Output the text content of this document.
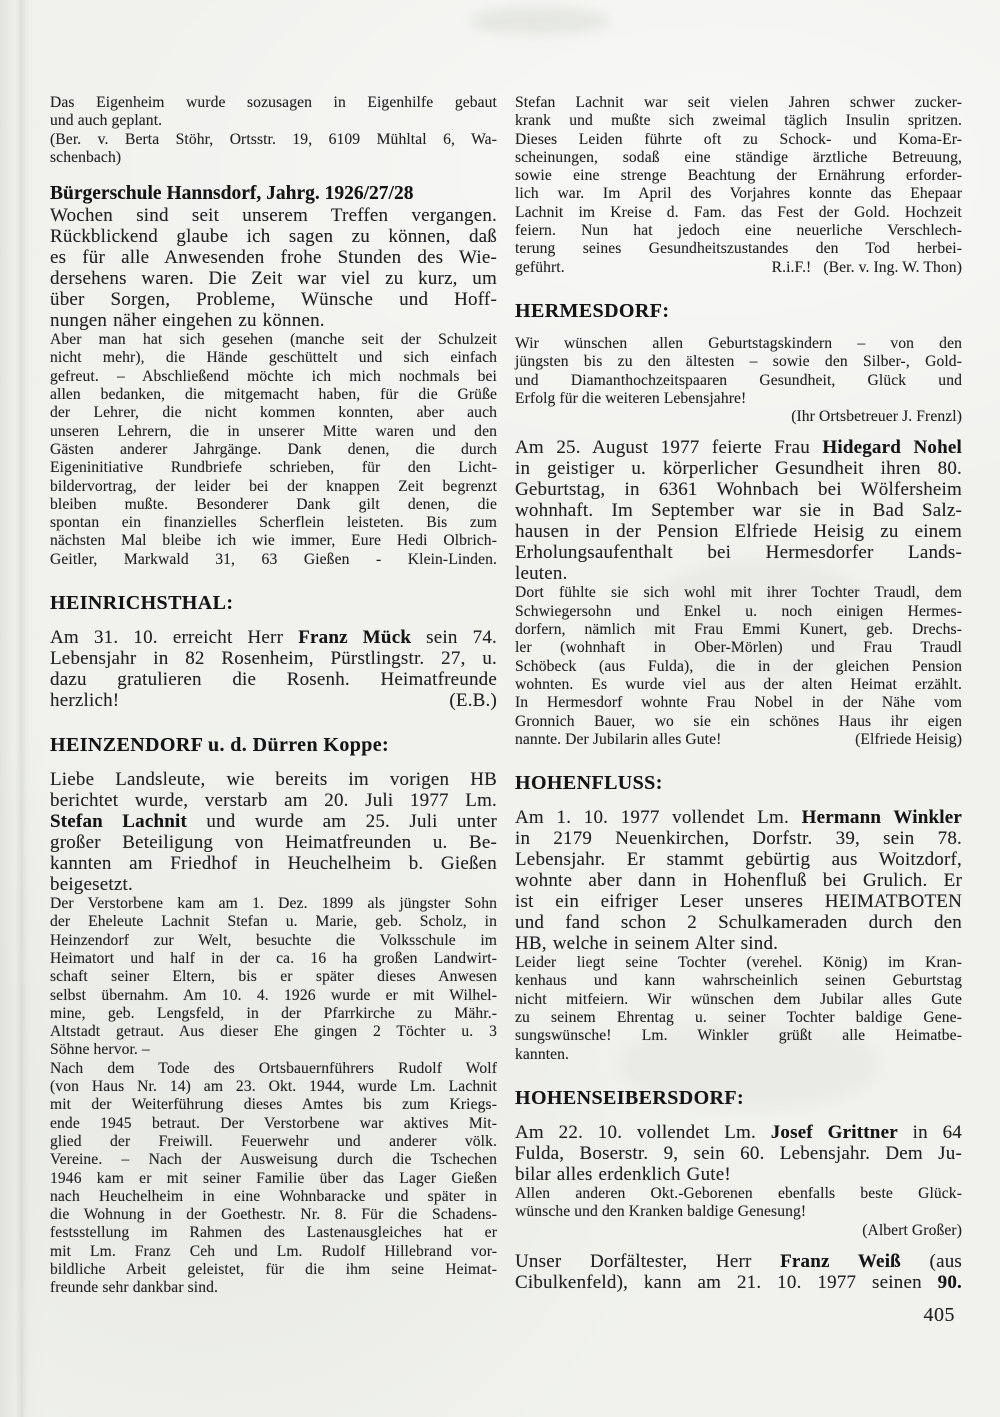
Das Eigenheim wurde sozusagen in Eigenhilfe gebaut
und auch geplant.
(Ber. v. Berta Stöhr, Ortsstr. 19, 6109 Mühltal 6, Wa-
schenbach)
Bürgerschule Hannsdorf, Jahrg. 1926/27/28
Wochen sind seit unserem Treffen vergangen.
Rückblickend glaube ich sagen zu können, daß
es für alle Anwesenden frohe Stunden des Wie-
dersehens waren. Die Zeit war viel zu kurz, um
über Sorgen, Probleme, Wünsche und Hoff-
nungen näher eingehen zu können.
Aber man hat sich gesehen (manche seit der Schulzeit
nicht mehr), die Hände geschüttelt und sich einfach
gefreut. – Abschließend möchte ich mich nochmals bei
allen bedanken, die mitgemacht haben, für die Grüße
der Lehrer, die nicht kommen konnten, aber auch
unseren Lehrern, die in unserer Mitte waren und den
Gästen anderer Jahrgänge. Dank denen, die durch
Eigeninitiative Rundbriefe schrieben, für den Licht-
bildervortrag, der leider bei der knappen Zeit begrenzt
bleiben mußte. Besonderer Dank gilt denen, die
spontan ein finanzielles Scherflein leisteten. Bis zum
nächsten Mal bleibe ich wie immer, Eure Hedi Olbrich-
Geitler, Markwald 31, 63 Gießen - Klein-Linden.
HEINRICHSTHAL:
Am 31. 10. erreicht Herr Franz Mück sein 74.
Lebensjahr in 82 Rosenheim, Pürstlingstr. 27, u.
dazu gratulieren die Rosenh. Heimatfreunde
herzlich!	(E.B.)
HEINZENDORF u. d. Dürren Koppe:
Liebe Landsleute, wie bereits im vorigen HB
berichtet wurde, verstarb am 20. Juli 1977 Lm.
Stefan Lachnit und wurde am 25. Juli unter
großer Beteiligung von Heimatfreunden u. Be-
kannten am Friedhof in Heuchelheim b. Gießen
beigesetzt.
Der Verstorbene kam am 1. Dez. 1899 als jüngster Sohn
der Eheleute Lachnit Stefan u. Marie, geb. Scholz, in
Heinzendorf zur Welt, besuchte die Volksschule im
Heimatort und half in der ca. 16 ha großen Landwirt-
schaft seiner Eltern, bis er später dieses Anwesen
selbst übernahm. Am 10. 4. 1926 wurde er mit Wilhel-
mine, geb. Lengsfeld, in der Pfarrkirche zu Mähr.-
Altstadt getraut. Aus dieser Ehe gingen 2 Töchter u. 3
Söhne hervor. –
Nach dem Tode des Ortsbauernführers Rudolf Wolf
(von Haus Nr. 14) am 23. Okt. 1944, wurde Lm. Lachnit
mit der Weiterführung dieses Amtes bis zum Kriegs-
ende 1945 betraut. Der Verstorbene war aktives Mit-
glied der Freiwill. Feuerwehr und anderer völk.
Vereine. – Nach der Ausweisung durch die Tschechen
1946 kam er mit seiner Familie über das Lager Gießen
nach Heuchelheim in eine Wohnbaracke und später in
die Wohnung in der Goethestr. Nr. 8. Für die Schadens-
festsstellung im Rahmen des Lastenausgleiches hat er
mit Lm. Franz Ceh und Lm. Rudolf Hillebrand vor-
bildliche Arbeit geleistet, für die ihm seine Heimat-
freunde sehr dankbar sind.
Stefan Lachnit war seit vielen Jahren schwer zucker-
krank und mußte sich zweimal täglich Insulin spritzen.
Dieses Leiden führte oft zu Schock- und Koma-Er-
scheinungen, sodaß eine ständige ärztliche Betreuung,
sowie eine strenge Beachtung der Ernährung erforder-
lich war. Im April des Vorjahres konnte das Ehepaar
Lachnit im Kreise d. Fam. das Fest der Gold. Hochzeit
feiern. Nun hat jedoch eine neuerliche Verschlech-
terung seines Gesundheitszustandes den Tod herbei-
geführt.	R.i.F.!   (Ber. v. Ing. W. Thon)
HERMESDORF:
Wir wünschen allen Geburtstagskindern – von den
jüngsten bis zu den ältesten – sowie den Silber-, Gold-
und Diamanthochzeitspaaren Gesundheit, Glück und
Erfolg für die weiteren Lebensjahre!
(Ihr Ortsbetreuer J. Frenzl)
Am 25. August 1977 feierte Frau Hidegard Nohel
in geistiger u. körperlicher Gesundheit ihren 80.
Geburtstag, in 6361 Wohnbach bei Wölfersheim
wohnhaft. Im September war sie in Bad Salz-
hausen in der Pension Elfriede Heisig zu einem
Erholungsaufenthalt bei Hermesdorfer Lands-
leuten.
Dort fühlte sie sich wohl mit ihrer Tochter Traudl, dem
Schwiegersohn und Enkel u. noch einigen Hermes-
dorfern, nämlich mit Frau Emmi Kunert, geb. Drechs-
ler (wohnhaft in Ober-Mörlen) und Frau Traudl
Schöbeck (aus Fulda), die in der gleichen Pension
wohnten. Es wurde viel aus der alten Heimat erzählt.
In Hermesdorf wohnte Frau Nobel in der Nähe vom
Gronnich Bauer, wo sie ein schönes Haus ihr eigen
nannte. Der Jubilarin alles Gute!	(Elfriede Heisig)
HOHENFLUSS:
Am 1. 10. 1977 vollendet Lm. Hermann Winkler
in 2179 Neuenkirchen, Dorfstr. 39, sein 78.
Lebensjahr. Er stammt gebürtig aus Woitzdorf,
wohnte aber dann in Hohenfluß bei Grulich. Er
ist ein eifriger Leser unseres HEIMATBOTEN
und fand schon 2 Schulkameraden durch den
HB, welche in seinem Alter sind.
Leider liegt seine Tochter (verehel. König) im Kran-
kenhaus und kann wahrscheinlich seinen Geburtstag
nicht mitfeiern. Wir wünschen dem Jubilar alles Gute
zu seinem Ehrentag u. seiner Tochter baldige Gene-
sungswünsche! Lm. Winkler grüßt alle Heimatbe-
kannten.
HOHENSEIBERSDORF:
Am 22. 10. vollendet Lm. Josef Grittner in 64
Fulda, Boserstr. 9, sein 60. Lebensjahr. Dem Ju-
bilar alles erdenklich Gute!
Allen anderen Okt.-Geborenen ebenfalls beste Glück-
wünsche und den Kranken baldige Genesung!
(Albert Großer)
Unser Dorfältester, Herr Franz Weiß (aus
Cibulkenfeld), kann am 21. 10. 1977 seinen 90.
405
